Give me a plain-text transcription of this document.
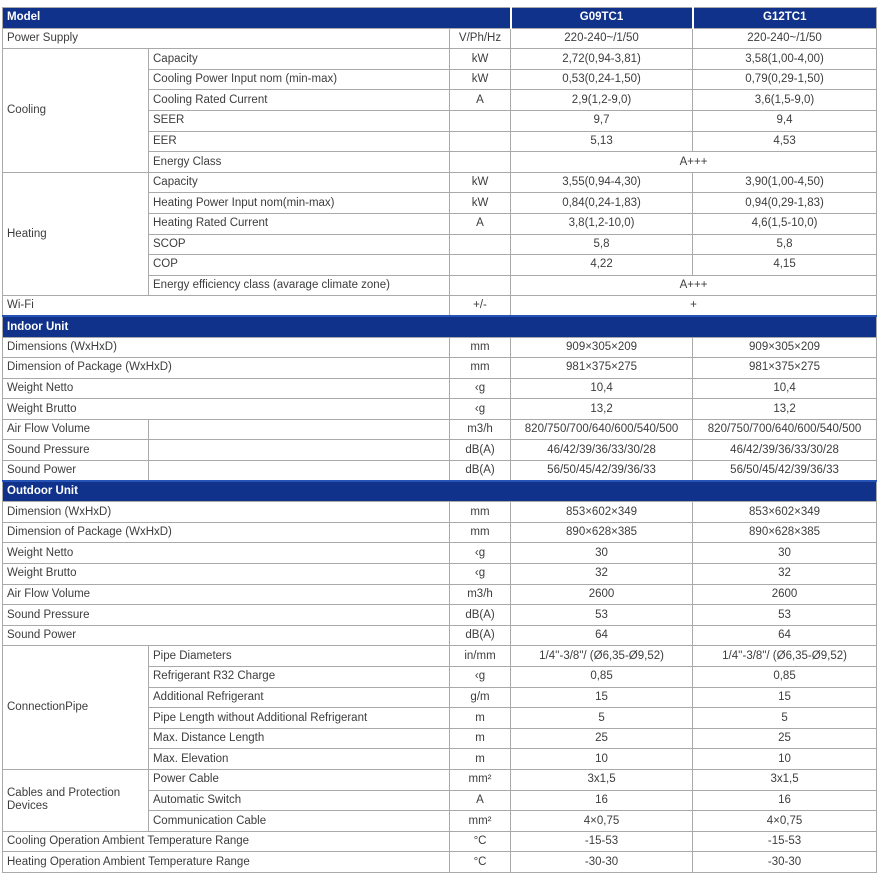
Model			G09TC1	G12TC1
Power Supply		V/Ph/Hz	220-240~/1/50	220-240~/1/50
Cooling	Capacity	kW	2,72(0,94-3,81)	3,58(1,00-4,00)
	Cooling Power Input nom (min-max)	kW	0,53(0,24-1,50)	0,79(0,29-1,50)
	Cooling Rated Current	A	2,9(1,2-9,0)	3,6(1,5-9,0)
	SEER		9,7	9,4
	EER		5,13	4,53
	Energy Class		A+++	
Heating	Capacity	kW	3,55(0,94-4,30)	3,90(1,00-4,50)
	Heating Power Input nom(min-max)	kW	0,84(0,24-1,83)	0,94(0,29-1,83)
	Heating Rated Current	A	3,8(1,2-10,0)	4,6(1,5-10,0)
	SCOP		5,8	5,8
	COP		4,22	4,15
	Energy efficiency class (avarage climate zone)		A+++	
Wi-Fi		+/-	+	
Indoor Unit				
Dimensions (WxHxD)		mm	909×305×209	909×305×209
Dimension of Package (WxHxD)		mm	981×375×275	981×375×275
Weight Netto		‹g	10,4	10,4
Weight Brutto		‹g	13,2	13,2
Air Flow Volume		m3/h	820/750/700/640/600/540/500	820/750/700/640/600/540/500
Sound Pressure		dB(A)	46/42/39/36/33/30/28	46/42/39/36/33/30/28
Sound Power		dB(A)	56/50/45/42/39/36/33	56/50/45/42/39/36/33
Outdoor Unit				
Dimension (WxHxD)		mm	853×602×349	853×602×349
Dimension of Package (WxHxD)		mm	890×628×385	890×628×385
Weight Netto		‹g	30	30
Weight Brutto		‹g	32	32
Air Flow Volume		m3/h	2600	2600
Sound Pressure		dB(A)	53	53
Sound Power		dB(A)	64	64
ConnectionPipe	Pipe Diameters	in/mm	1/4''-3/8"/ (Ø6,35-Ø9,52)	1/4''-3/8"/ (Ø6,35-Ø9,52)
	Refrigerant R32 Charge	‹g	0,85	0,85
	Additional Refrigerant	g/m	15	15
	Pipe Length without Additional Refrigerant	m	5	5
	Max. Distance Length	m	25	25
	Max. Elevation	m	10	10
Cables and Protection Devices	Power Cable	mm²	3x1,5	3x1,5
	Automatic Switch	A	16	16
	Communication Cable	mm²	4×0,75	4×0,75
Cooling Operation Ambient Temperature Range		°C	-15-53	-15-53
Heating Operation Ambient Temperature Range		°C	-30-30	-30-30
